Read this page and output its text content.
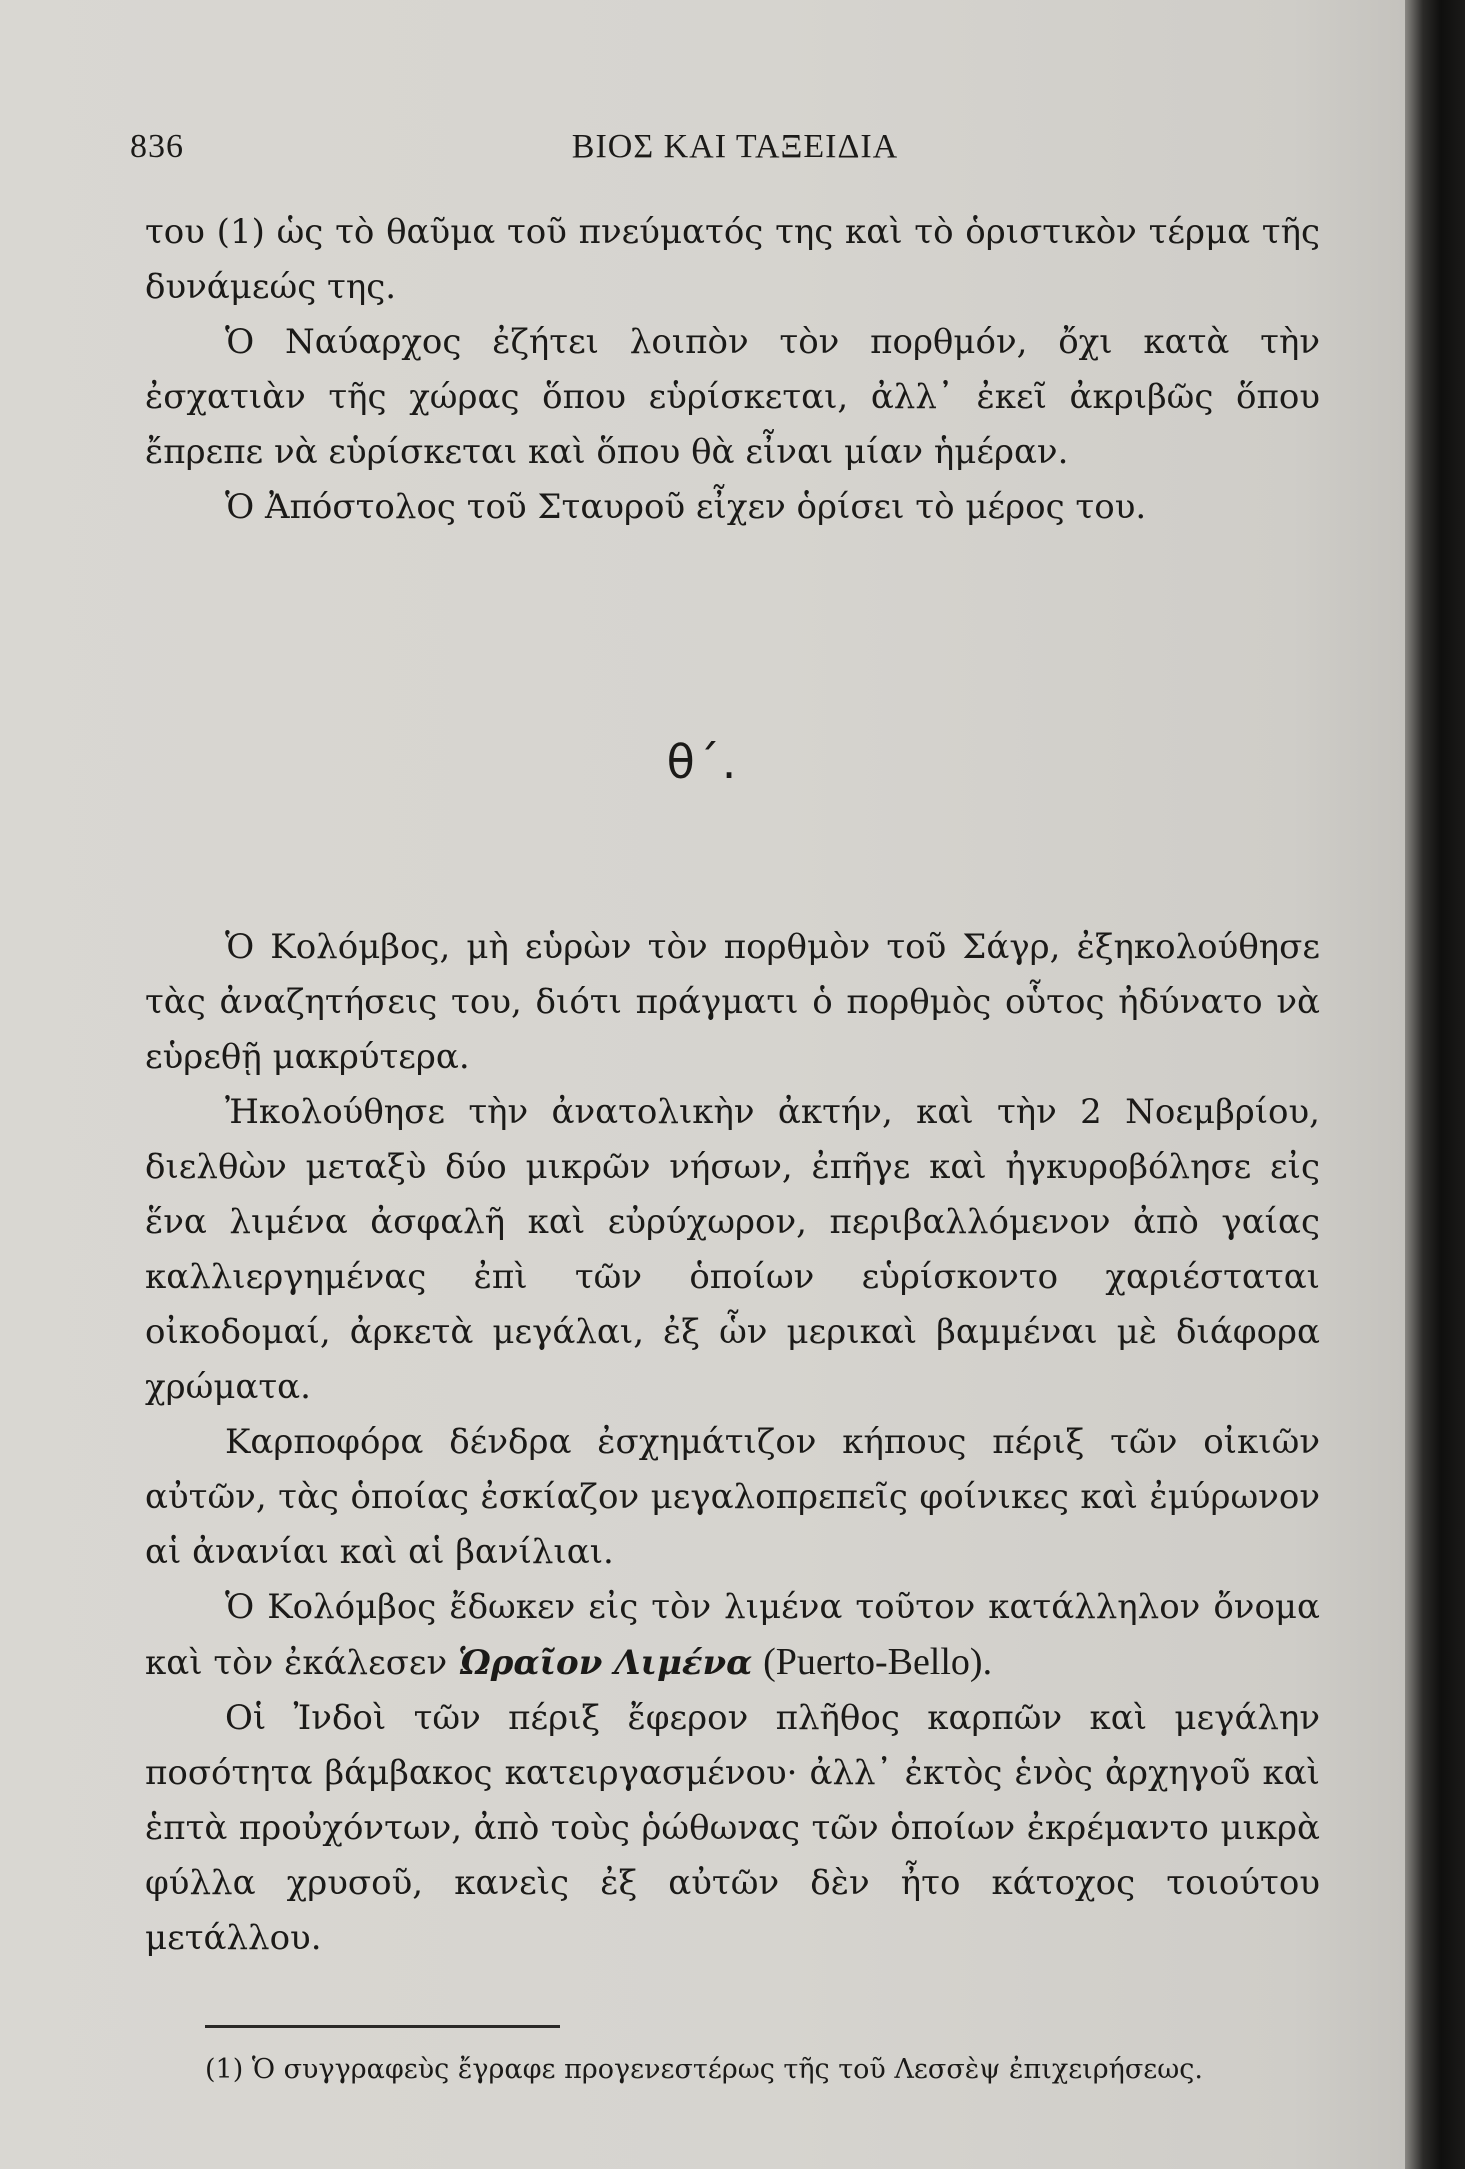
836	ΒΙΟΣ ΚΑΙ ΤΑΞΕΙΔΙΑ

του (1) ὡς τὸ θαῦμα τοῦ πνεύματός της καὶ τὸ ὁριστικὸν τέρμα τῆς δυνάμεώς της.

Ὁ Ναύαρχος ἐζήτει λοιπὸν τὸν πορθμόν, ὄχι κατὰ τὴν ἐσχατιὰν τῆς χώρας ὅπου εὑρίσκεται, ἀλλ᾽ ἐκεῖ ἀκριβῶς ὅπου ἔπρεπε νὰ εὑρίσκεται καὶ ὅπου θὰ εἶναι μίαν ἡμέραν.

Ὁ Ἀπόστολος τοῦ Σταυροῦ εἶχεν ὁρίσει τὸ μέρος του.

θ΄.

Ὁ Κολόμβος, μὴ εὑρὼν τὸν πορθμὸν τοῦ Σάγρ, ἐξηκολούθησε τὰς ἀναζητήσεις του, διότι πράγματι ὁ πορθμὸς οὗτος ἠδύνατο νὰ εὑρεθῇ μακρύτερα.

Ἠκολούθησε τὴν ἀνατολικὴν ἀκτήν, καὶ τὴν 2 Νοεμβρίου, διελθὼν μεταξὺ δύο μικρῶν νήσων, ἐπῆγε καὶ ἠγκυροβόλησε εἰς ἕνα λιμένα ἀσφαλῆ καὶ εὐρύχωρον, περιβαλλόμενον ἀπὸ γαίας καλλιεργημένας ἐπὶ τῶν ὁποίων εὑρίσκοντο χαριέσταται οἰκοδομαί, ἀρκετὰ μεγάλαι, ἐξ ὧν μερικαὶ βαμμέναι μὲ διάφορα χρώματα.

Καρποφόρα δένδρα ἐσχημάτιζον κήπους πέριξ τῶν οἰκιῶν αὐτῶν, τὰς ὁποίας ἐσκίαζον μεγαλοπρεπεῖς φοίνικες καὶ ἐμύρωνον αἱ ἀνανίαι καὶ αἱ βανίλιαι.

Ὁ Κολόμβος ἔδωκεν εἰς τὸν λιμένα τοῦτον κατάλληλον ὄνομα καὶ τὸν ἐκάλεσεν Ὡραῖον Λιμένα (Puerto-Bello).

Οἱ Ἰνδοὶ τῶν πέριξ ἔφερον πλῆθος καρπῶν καὶ μεγάλην ποσότητα βάμβακος κατειργασμένου· ἀλλ᾽ ἐκτὸς ἑνὸς ἀρχηγοῦ καὶ ἑπτὰ προὐχόντων, ἀπὸ τοὺς ῥώθωνας τῶν ὁποίων ἐκρέμαντο μικρὰ φύλλα χρυσοῦ, κανεὶς ἐξ αὐτῶν δὲν ἦτο κάτοχος τοιούτου μετάλλου.

(1) Ὁ συγγραφεὺς ἔγραφε προγενεστέρως τῆς τοῦ Λεσσὲψ ἐπιχειρήσεως.
